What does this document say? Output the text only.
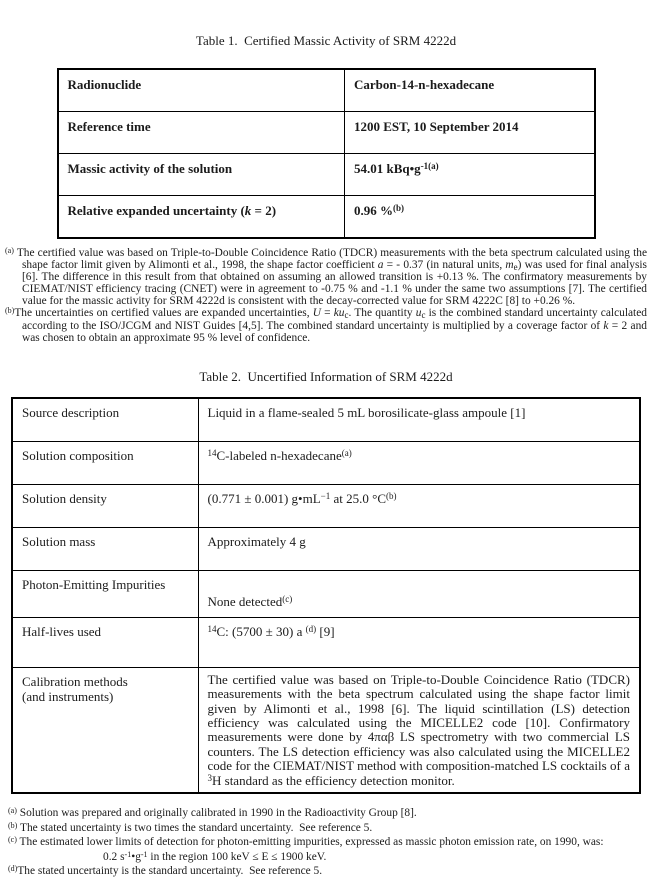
Table 1.  Certified Massic Activity of SRM 4222d
Radionuclide	Carbon-14-n-hexadecane
Reference time	1200 EST, 10 September 2014
Massic activity of the solution	54.01 $kBq•g^{-1(a)}$
Relative expanded uncertainty (k = 2)	0.96 %$^{(b)}$

$^{(a)}$ The certified value was based on Triple-to-Double Coincidence Ratio (TDCR) measurements with the beta spectrum calculated using the shape factor limit given by Alimonti et al., 1998, the shape factor coefficient a = - 0.37 (in natural units, $m_e$) was used for final analysis [6]. The difference in this result from that obtained on assuming an allowed transition is +0.13 %. The confirmatory measurements by CIEMAT/NIST efficiency tracing (CNET) were in agreement to -0.75 % and -1.1 % under the same two assumptions [7]. The certified value for the massic activity for SRM 4222d is consistent with the decay-corrected value for SRM 4222C [8] to +0.26 %.

$^{(b)}$The uncertainties on certified values are expanded uncertainties, $U = ku_c$. The quantity $u_c$ is the combined standard uncertainty calculated according to the ISO/JCGM and NIST Guides [4,5]. The combined standard uncertainty is multiplied by a coverage factor of k = 2 and was chosen to obtain an approximate 95 % level of confidence.

Table 2.  Uncertified Information of SRM 4222d
Source description	Liquid in a flame-sealed 5 mL borosilicate-glass ampoule [1]
Solution composition	$^{14}$C-labeled n-hexadecane$^{(a)}$
Solution density	(0.771 ± 0.001) $g•mL^{-1}$ at 25.0 $^\circ C^{(b)}$
Solution mass	Approximately 4 g
Photon-Emitting Impurities	None detected$^{(c)}$
Half-lives used	$^{14}$C: (5700 ± 30) a $^{(d)}$ [9]
Calibration methods
(and instruments)	The certified value was based on Triple-to-Double Coincidence Ratio (TDCR) measurements with the beta spectrum calculated using the shape factor limit given by Alimonti et al., 1998 [6]. The liquid scintillation (LS) detection efficiency was calculated using the MICELLE2 code [10]. Confirmatory measurements were done by 4παβ LS spectrometry with two commercial LS counters. The LS detection efficiency was also calculated using the MICELLE2 code for the CIEMAT/NIST method with composition-matched LS cocktails of a $^3$H standard as the efficiency detection monitor.

$^{(a)}$ Solution was prepared and originally calibrated in 1990 in the Radioactivity Group [8].

$^{(b)}$ The stated uncertainty is two times the standard uncertainty.  See reference 5.

$^{(c)}$ The estimated lower limits of detection for photon-emitting impurities, expressed as massic photon emission rate, on 1990, was:

0.2 $s^{-1}•g^{-1}$ in the region 100 keV ≤ E ≤ 1900 keV.

$^{(d)}$The stated uncertainty is the standard uncertainty.  See reference 5.
